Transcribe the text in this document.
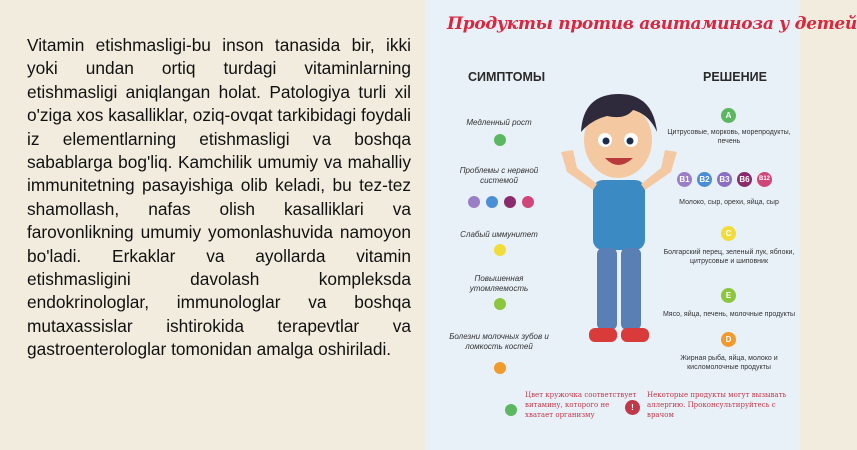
Vitamin etishmasligi-bu inson tanasida bir, ikki yoki undan ortiq turdagi vitaminlarning etishmasligi aniqlangan holat. Patologiya turli xil o'ziga xos kasalliklar, oziq-ovqat tarkibidagi foydali iz elementlarning etishmasligi va boshqa sabablarga bog'liq. Kamchilik umumiy va mahalliy immunitetning pasayishiga olib keladi, bu tez-tez shamollash, nafas olish kasalliklari va farovonlikning umumiy yomonlashuvida namoyon bo'ladi. Erkaklar va ayollarda vitamin etishmasligini davolash kompleksda endokrinologlar, immunologlar va boshqa mutaxassislar ishtirokida terapevtlar va gastroenterologlar tomonidan amalga oshiriladi.

Продукты против авитаминоза у детей
СИМПТОМЫ	РЕШЕНИЕ
Медленный рост
Проблемы с нервной системой
Слабый иммунитет
Повышенная утомляемость
Болезни молочных зубов и ломкость костей
A
Цитрусовые, морковь, морепродукты, печень
B1 B2 B3 B6	B12
Молоко, сыр, орехи, яйца, сыр
C
Болгарский перец, зеленый лук, яблоки, цитрусовые и шиповник
E
Мясо, яйца, печень, молочные продукты
D
Жирная рыба, яйца, молоко и кисломолочные продукты
Цвет кружочка соответствует витамину, которого не хватает организму
!
Некоторые продукты могут вызывать аллергию. Проконсультируйтесь с врачом
